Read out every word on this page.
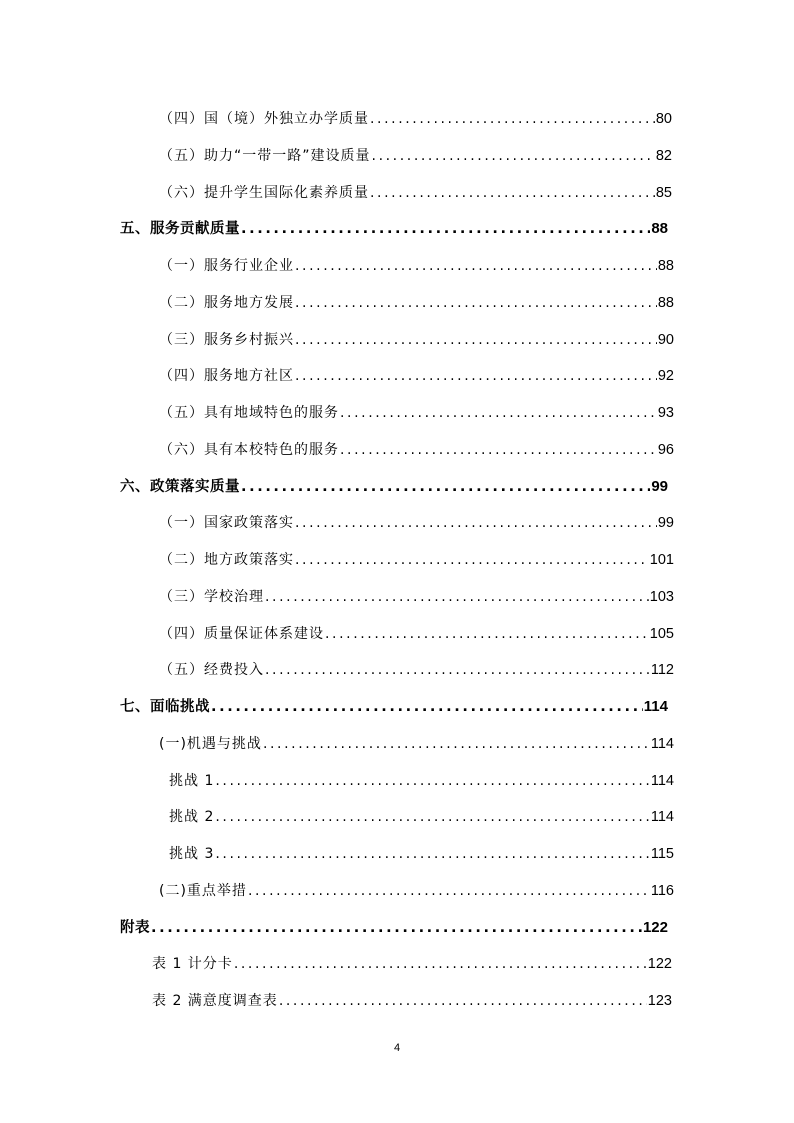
（四）国（境）外独立办学质量 .....	80
（五）助力“一带一路”建设质量 .....	82
（六）提升学生国际化素养质量 .....	85
五、服务贡献质量 .....	88
（一）服务行业企业 .....	88
（二）服务地方发展 .....	88
（三）服务乡村振兴 .....	90
（四）服务地方社区 .....	92
（五）具有地域特色的服务 .....	93
（六）具有本校特色的服务 .....	96
六、政策落实质量 .....	99
（一）国家政策落实 .....	99
（二）地方政策落实 .....	101
（三）学校治理 .....	103
（四）质量保证体系建设 .....	105
（五）经费投入 .....	112
七、面临挑战 .....	114
(一)机遇与挑战 .....	114
挑战 1 .....	114
挑战 2 .....	114
挑战 3 .....	115
(二)重点举措 .....	116
附表 .....	122
表 1 计分卡 .....	122
表 2 满意度调查表 .....	123
4
